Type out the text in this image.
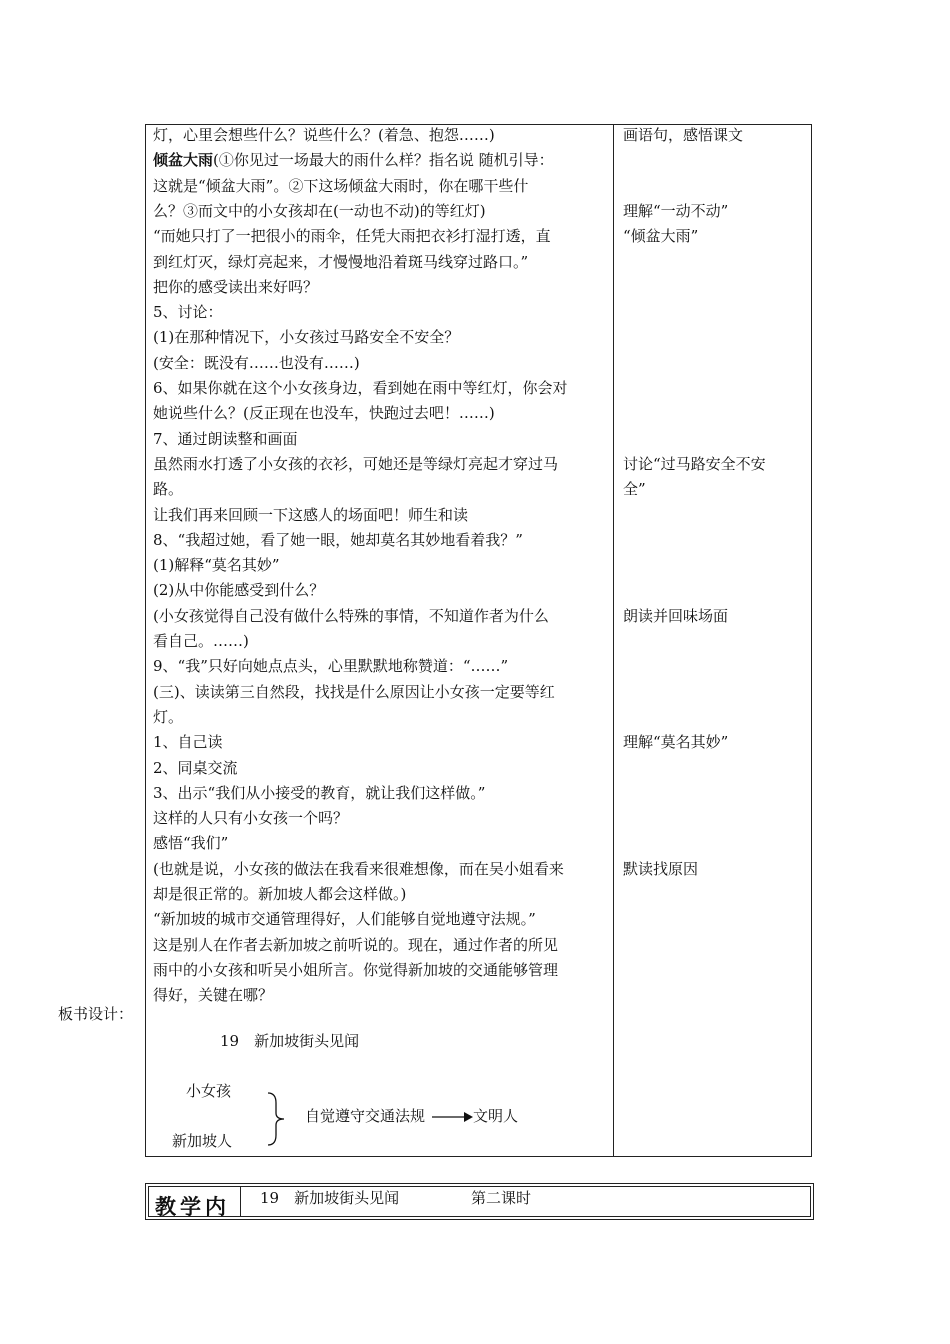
灯，心里会想些什么？说些什么？(着急、抱怨……)
倾盆大雨(①你见过一场最大的雨什么样？指名说 随机引导：
这就是“倾盆大雨”。②下这场倾盆大雨时，你在哪干些什
么？③而文中的小女孩却在(一动也不动)的等红灯)
“而她只打了一把很小的雨伞，任凭大雨把衣衫打湿打透，直
到红灯灭，绿灯亮起来，才慢慢地沿着斑马线穿过路口。”
把你的感受读出来好吗？
5、讨论：
(1)在那种情况下，小女孩过马路安全不安全？
(安全：既没有……也没有……)
6、如果你就在这个小女孩身边，看到她在雨中等红灯，你会对
她说些什么？(反正现在也没车，快跑过去吧！……)
7、通过朗读整和画面
虽然雨水打透了小女孩的衣衫，可她还是等绿灯亮起才穿过马
路。
让我们再来回顾一下这感人的场面吧！师生和读
8、“我超过她，看了她一眼，她却莫名其妙地看着我？”
(1)解释“莫名其妙”
(2)从中你能感受到什么？
(小女孩觉得自己没有做什么特殊的事情，不知道作者为什么
看自己。……)
9、“我”只好向她点点头，心里默默地称赞道：“……”
(三)、读读第三自然段，找找是什么原因让小女孩一定要等红
灯。
1、自己读
2、同桌交流
3、出示“我们从小接受的教育，就让我们这样做。”
这样的人只有小女孩一个吗？
感悟“我们”
(也就是说，小女孩的做法在我看来很难想像，而在吴小姐看来
却是很正常的。新加坡人都会这样做。)
“新加坡的城市交通管理得好，人们能够自觉地遵守法规。”
这是别人在作者去新加坡之前听说的。现在，通过作者的所见
雨中的小女孩和听吴小姐所言。你觉得新加坡的交通能够管理
得好，关键在哪？
画语句，感悟课文
理解“一动不动”
“倾盆大雨”
讨论“过马路安全不安
全”
朗读并回味场面
理解“莫名其妙”
默读找原因
19　新加坡街头见闻
小女孩
新加坡人
自觉遵守交通法规	文明人
板书设计：
教学内 19　新加坡街头见闻	第二课时
